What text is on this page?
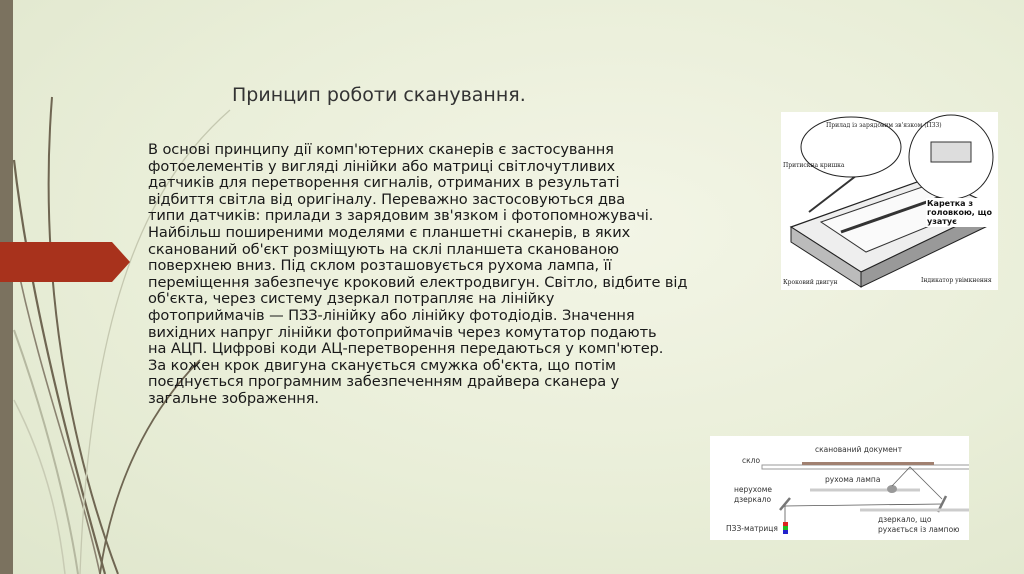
Принцип роботи сканування.
В основі принципу дії комп'ютерних сканерів є застосування
фотоелементів у вигляді лінійки або матриці світлочутливих
датчиків для перетворення сигналів, отриманих в результаті
відбиття світла від оригіналу. Переважно застосовуються два
типи датчиків: прилади з зарядовим зв'язком і фотопомножувачі.
Найбільш поширеними моделями є планшетні сканерів, в яких
сканований об'єкт розміщують на склі планшета сканованою
поверхнею вниз. Під склом розташовується рухома лампа, її
переміщення забезпечує кроковий електродвигун. Світло, відбите від
об'єкта, через систему дзеркал потрапляє на лінійку
фотоприймачів — ПЗЗ-лінійку або лінійку фотодіодів. Значення
вихідних напруг лінійки фотоприймачів через комутатор подають
на АЦП. Цифрові коди АЦ-перетворення передаються у комп'ютер.
За кожен крок двигуна сканується смужка об'єкта, що потім
поєднується програмним забезпеченням драйвера сканера у
загальне зображення.
Прилад із зарядовим зв'язком (ПЗЗ)
Притискна кришка
Каретка з головкою, що узатує
Кроковий двигун	Індикатор увімкнення
сканований документ
скло
рухома лампа
нерухоме
дзеркало
ПЗЗ-матриця
дзеркало, що
рухається із лампою
